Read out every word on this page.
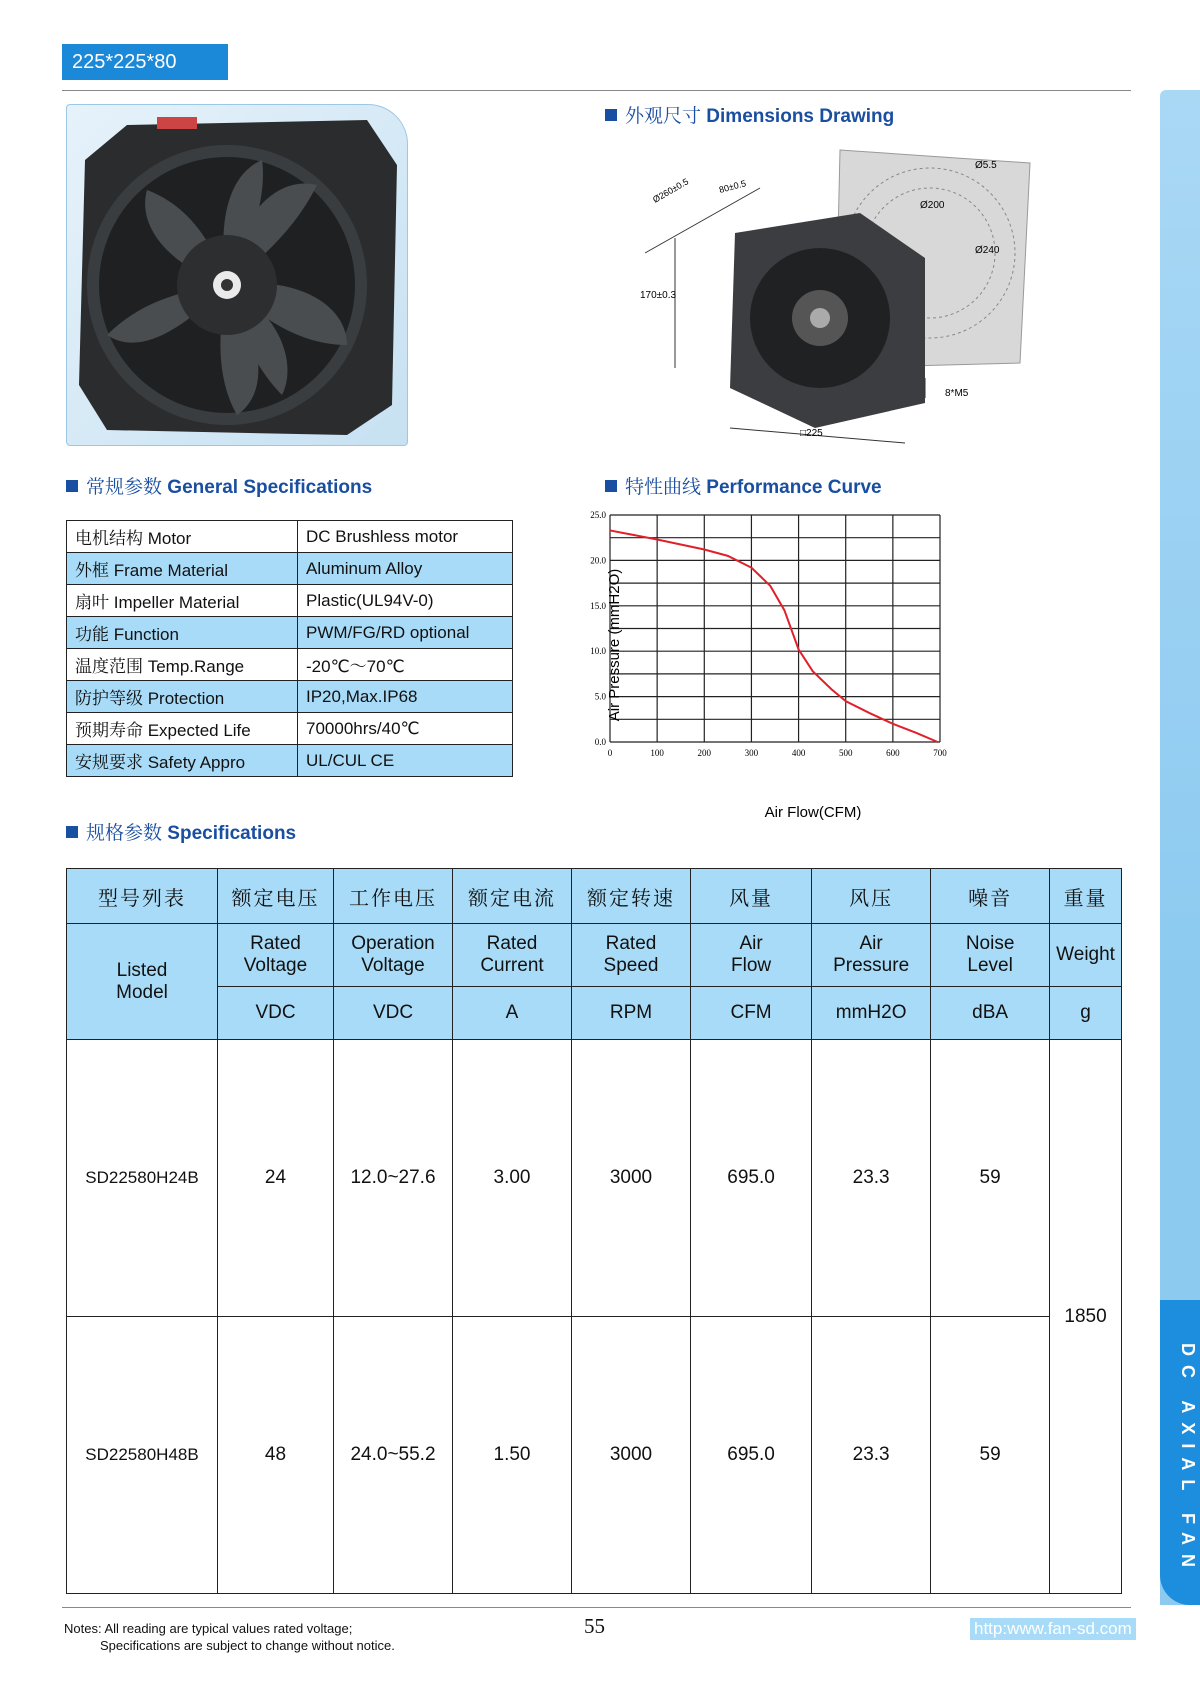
225*225*80
DC AXIAL FAN
外观尺寸 Dimensions Drawing
Ø260±0.5	80±0.5
170±0.3
Ø5.5
Ø200
Ø240
8*M5
□225
常规参数 General Specifications
电机结构 Motor	DC Brushless motor
外框 Frame Material	Aluminum Alloy
扇叶 Impeller Material	Plastic(UL94V-0)
功能 Function	PWM/FG/RD optional
温度范围 Temp.Range	-20℃～70℃
防护等级 Protection	IP20,Max.IP68
预期寿命 Expected Life	70000hrs/40℃
安规要求 Safety Appro	UL/CUL CE
特性曲线 Performance Curve
0	100	200	300	400	500	600	700
0.0
5.0
10.0
15.0
20.0
25.0
Air Flow(CFM)
Air Pressure (mmH2O)
规格参数 Specifications
型号列表	额定电压	工作电压	额定电流	额定转速	风量	风压	噪音	重量
Listed Model	Rated Voltage	Operation Voltage	Rated Current	Rated Speed	Air Flow	Air Pressure	Noise Level	Weight
	VDC	VDC	A	RPM	CFM	mmH2O	dBA	g
SD22580H24B	24	12.0~27.6	3.00	3000	695.0	23.3	59	1850
SD22580H48B	48	24.0~55.2	1.50	3000	695.0	23.3	59	
Notes: All reading are typical values rated voltage;
Specifications are subject to change without notice.
55	http:www.fan-sd.com
